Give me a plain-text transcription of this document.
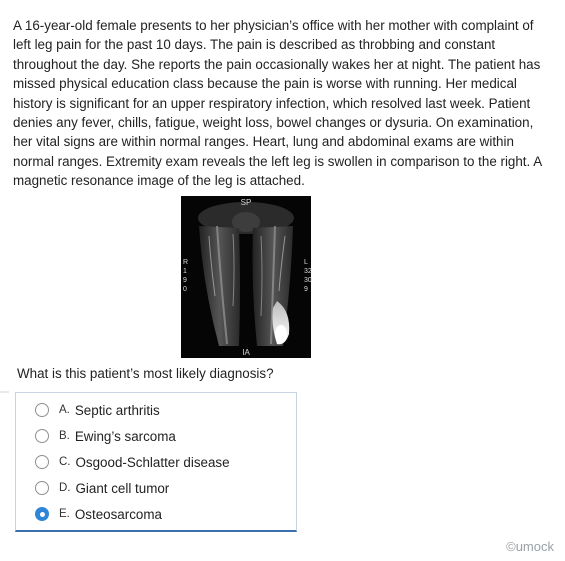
A 16-year-old female presents to her physician’s office with her mother with complaint of left leg pain for the past 10 days. The pain is described as throbbing and constant throughout the day. She reports the pain occasionally wakes her at night. The patient has missed physical education class because the pain is worse with running. Her medical history is significant for an upper respiratory infection, which resolved last week. Patient denies any fever, chills, fatigue, weight loss, bowel changes or dysuria. On examination, her vital signs are within normal ranges. Heart, lung and abdominal exams are within normal ranges. Extremity exam reveals the left leg is swollen in comparison to the right. A magnetic resonance image of the leg is attached.

SP
IA
R
1
9
0
L
32
30
9

What is this patient’s most likely diagnosis?

A. Septic arthritis
B. Ewing’s sarcoma
C. Osgood-Schlatter disease
D. Giant cell tumor
E. Osteosarcoma
©umock
